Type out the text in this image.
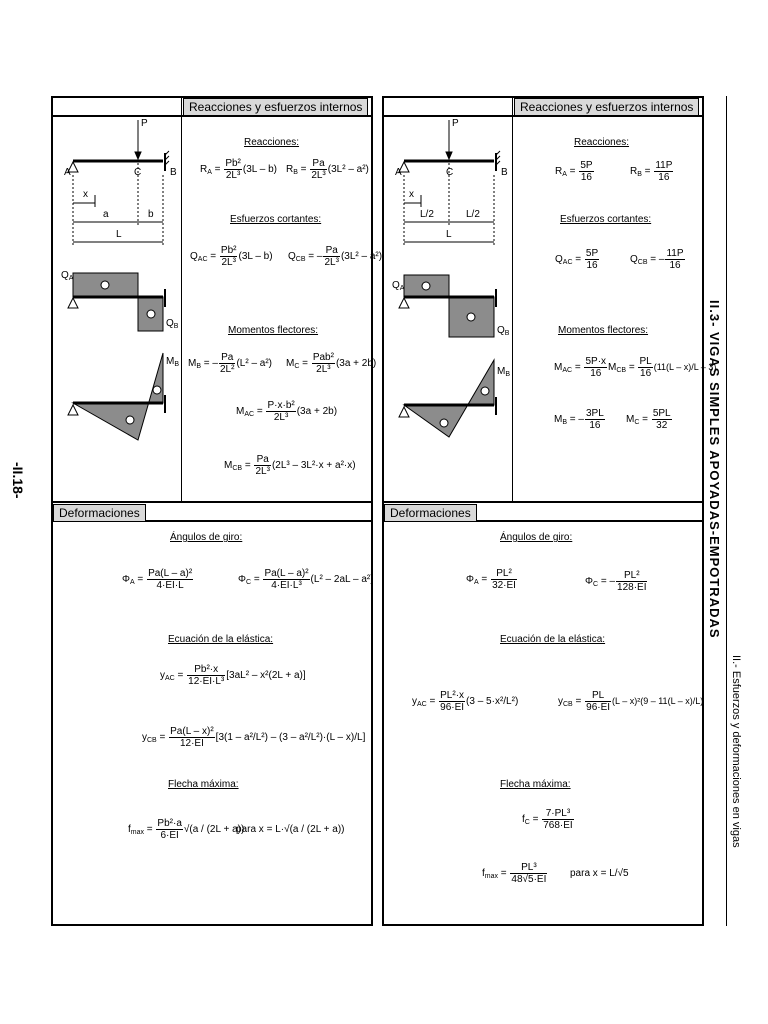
-II.18-	II.3- VIGAS SIMPLES APOYADAS-EMPOTRADAS
II.- Esfuerzos y deformaciones en vigas
Reacciones y esfuerzos internos
Deformaciones
P
A	C	B
x
a	b
L
$Q_A$
$Q_B$
$M_B$
Reacciones:
$R_A = \frac{\text{Pb²}}{\text{2L³}} (3L - b) R_B = \frac{Pa}{\text{2L³}} (3L^2 - a^2)$
Esfuerzos cortantes:
$Q_{AC} = \frac{\text{Pb²}}{\text{2L³}} (3L - b) Q_{CB}$ = – $\frac{Pa}{\text{2L³}} (3L^2 - a^2)$
Momentos flectores:
$M_B$ = – $\frac{Pa}{\text{2L²}} (L^2 - a^2) M_C$ =
Pab²
2L³
(3a + 2b)
$M_{AC} = \frac{\text{P·x·b²}}{\text{2L³}} (3a + 2b)$
$M_{CB} = \frac{Pa}{\text{2L³}} (2L^3 - 3L^2\cdot x + a^2\cdot x)$
Ángulos de giro:
$\Phi_A = \frac{\text{Pa(L – a)²}}{4\cdot EI\cdot L}$	$\Phi_C = \frac{\text{Pa(L – a)²}}{\text{4·EI·L³}} (L^2 - 2aL - a^2)$
Ecuación de la elástica:
$y_{AC} = \frac{\text{Pb²·x}}{\text{12·EI·L³}} [3aL^2 - x^2(2L + a)]$
$y_{CB} = \frac{\text{Pa(L – x)²}}{12\cdot EI} [3(1 - a^2/L^2) - (3 - a^2/L^2)\cdot(L - x)/L]$
Flecha máxima:
$f_{max} = \frac{\text{Pb²·a}}{6\cdot EI} √(a / (2L + a))$
para x = L·√(a / (2L + a))
Reacciones y esfuerzos internos
Deformaciones
P
A	C	B
x
L/2	L/2
L
$Q_A$
$Q_B$
$M_B$
Reacciones:
$R_A = \frac{5P}{16}$	$R_B = \frac{11P}{16}$
Esfuerzos cortantes:
$Q_{AC} = \frac{5P}{16}$	$Q_{CB}$ = – $\frac{11P}{16}$
Momentos flectores:
$M_{AC} = \frac{5P\cdot x}{16} M_{CB} = \frac{PL}{16} (11(L - x)/L - 3)$
$M_B$ = – $\frac{3PL}{16} M_C = \frac{5PL}{32}$
Ángulos de giro:
$\Phi_A = \frac{\text{PL²}}{32\cdot EI}$	$\Phi_C$ = – $\frac{\text{PL²}}{128\cdot EI}$
Ecuación de la elástica:
$y_{AC} = \frac{\text{PL²·x}}{96\cdot EI} (3 - 5\cdot x^2/L^2)$	$y_{CB} = \frac{PL}{96\cdot EI} (L - x)^2(9 - 11(L - x)/L)$
Flecha máxima:
$f_C = \frac{\text{7·PL³}}{768\cdot EI}$
$f_{max} = \frac{\text{PL³}}{48√5\cdot EI}$ para x = L/√5
